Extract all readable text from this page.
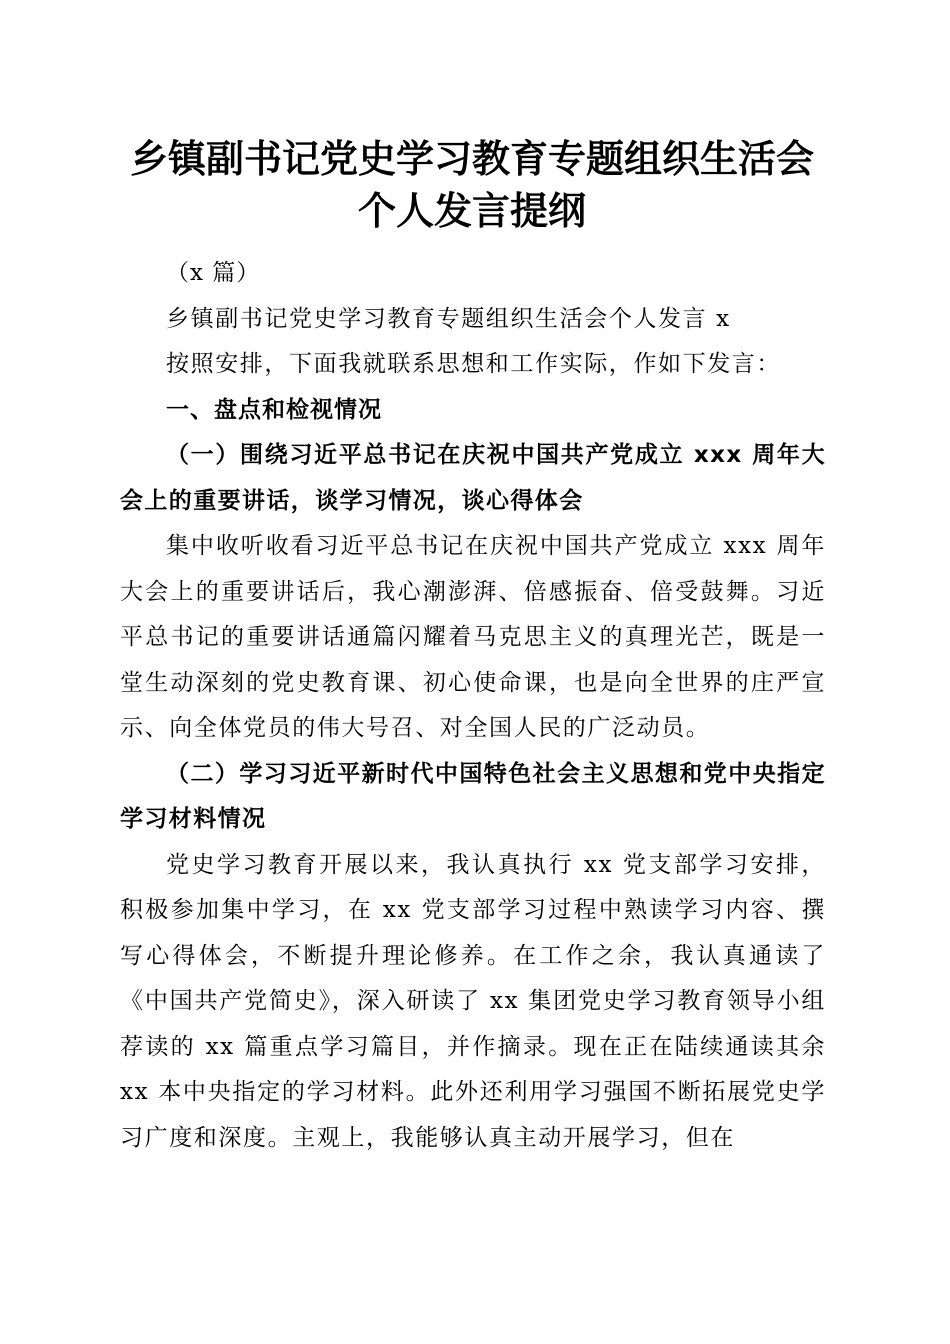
乡镇副书记党史学习教育专题组织生活会个人发言提纲

（x 篇）

乡镇副书记党史学习教育专题组织生活会个人发言 x

按照安排，下面我就联系思想和工作实际，作如下发言：

一、盘点和检视情况

（一）围绕习近平总书记在庆祝中国共产党成立 xxx 周年大会上的重要讲话，谈学习情况，谈心得体会

集中收听收看习近平总书记在庆祝中国共产党成立 xxx 周年大会上的重要讲话后，我心潮澎湃、倍感振奋、倍受鼓舞。习近平总书记的重要讲话通篇闪耀着马克思主义的真理光芒，既是一堂生动深刻的党史教育课、初心使命课，也是向全世界的庄严宣示、向全体党员的伟大号召、对全国人民的广泛动员。

（二）学习习近平新时代中国特色社会主义思想和党中央指定学习材料情况

党史学习教育开展以来，我认真执行 xx 党支部学习安排，积极参加集中学习，在 xx 党支部学习过程中熟读学习内容、撰写心得体会，不断提升理论修养。在工作之余，我认真通读了《中国共产党简史》，深入研读了 xx 集团党史学习教育领导小组荐读的 xx 篇重点学习篇目，并作摘录。现在正在陆续通读其余 xx 本中央指定的学习材料。此外还利用学习强国不断拓展党史学习广度和深度。主观上，我能够认真主动开展学习，但在
